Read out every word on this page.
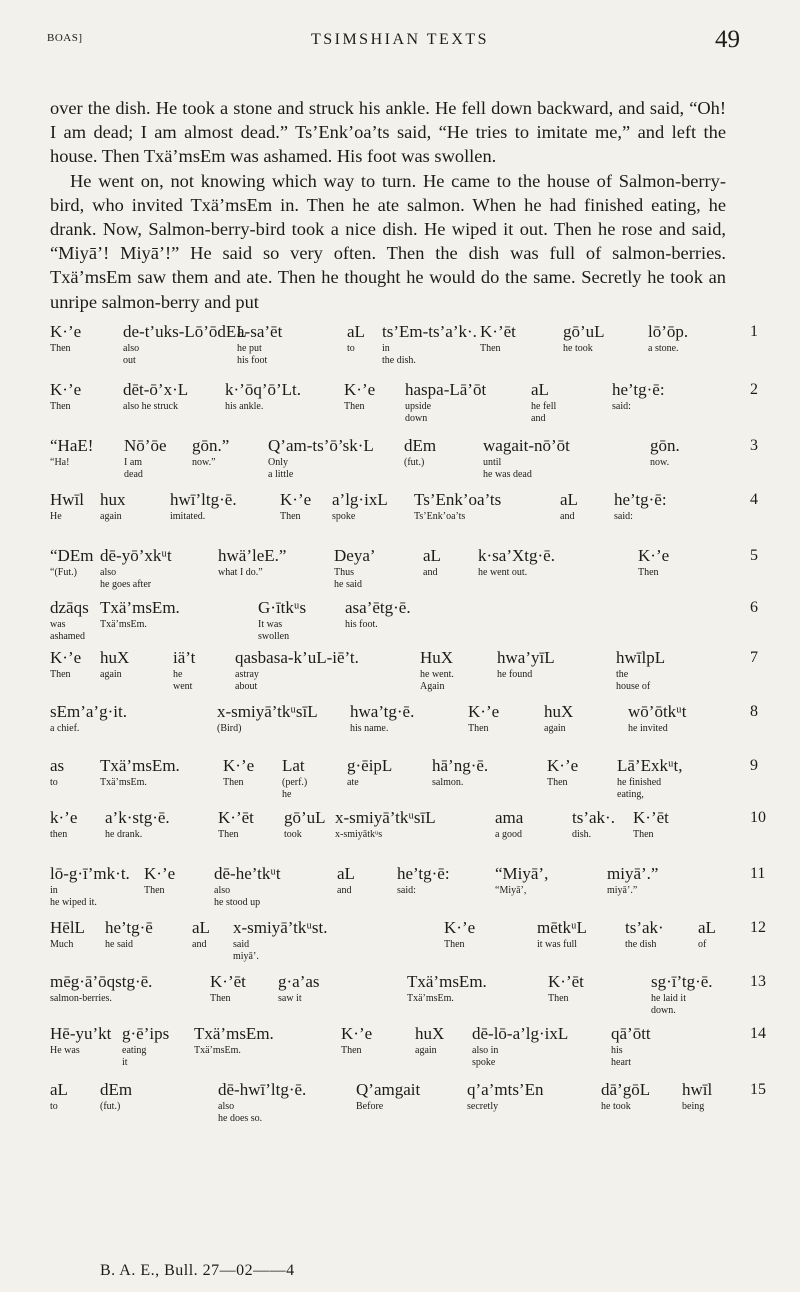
BOAS]	TSIMSHIAN TEXTS	49

over the dish. He took a stone and struck his ankle. He fell down backward, and said, “Oh! I am dead; I am almost dead.” Ts’Enk’oa’ts said, “He tries to imitate me,” and left the house. Then Txä’msEm was ashamed. His foot was swollen.

He went on, not knowing which way to turn. He came to the house of Salmon-berry-bird, who invited Txä’msEm in. Then he ate salmon. When he had finished eating, he drank. Now, Salmon-berry-bird took a nice dish. He wiped it out. Then he rose and said, “Miyā’! Miyā’!” He said so very often. Then the dish was full of salmon-berries. Txä’msEm saw them and ate. Then he thought he would do the same. Secretly he took an unripe salmon-berry and put

K·’e
Then
de-t’uks-Lō’ōdEL
also
out
a-sa’ēt
he put
his foot
aL
to
ts’Em-ts’a’k·.
in
the dish.
K·’ēt
Then
gō’uL
he took
lō’ōp.
a stone.
1
K·’e
Then
dēt-ō’x·L
also he struck
k·’ōq’ō’Lt.
his ankle.
K·’e
Then
haspa-Lā’ōt
upside
down
aL
he fell
and
he’tg·ē:
said:
2
“HaE!
“Ha!
Nō’ōe
I am
dead
gōn.”
now.”
Q’am-ts’ō’sk·L
Only
a little
dEm
(fut.)
wagait-nō’ōt
until
he was dead
gōn.
now.
3
Hwīl
He
hux
again
hwī’ltg·ē.
imitated.
K·’e
Then
a’lg·ixL
spoke
Ts’Enk’oa’ts
Ts’Enk’oa’ts
aL
and
he’tg·ē:
said:
4
“DEm
“(Fut.)
dē-yō’xkᵘt
also
he goes after
hwä’leE.”
what I do.”
Deya’
Thus
he said
aL
and
k·sa’Xtg·ē.
he went out.
K·’e
Then
5
dzāqs
was
ashamed
Txä’msEm.
Txä’msEm.
G·ītkᵘs
It was
swollen
asa’ētg·ē.
his foot.
6
K·’e
Then
huX
again
iä’t
he
went
qasbasa-k’uL-iē’t.
astray
about
HuX
he went.
Again
hwa’yīL
he found
hwīlpL
the
house of
7
sEm’a’g·it.
a chief.
x-smiyā’tkᵘsīL
(Bird)
hwa’tg·ē.
his name.
K·’e
Then
huX
again
wō’ōtkᵘt
he invited
8
as
to
Txä’msEm.
Txä’msEm.
K·’e
Then
Lat
(perf.)
he
g·ēipL
ate
hā’ng·ē.
salmon.
K·’e
Then
Lā’Exkᵘt,
he finished
eating,
9
k·’e
then
a’k·stg·ē.
he drank.
K·’ēt
Then
gō’uL
took
x-smiyā’tkᵘsīL
x-smiyātkᵘs
ama
a good
ts’ak·.
dish.
K·’ēt
Then
10
lō-g·ī’mk·t.
in
he wiped it.
K·’e
Then
dē-he’tkᵘt
also
he stood up
aL
and
he’tg·ē:
said:
“Miyā’,
“Miyā’,
miyā’.”
miyā’.”
11
HēlL
Much
he’tg·ē
he said
aL
and
x-smiyā’tkᵘst.
said
miyā’.
K·’e
Then
mētkᵘL
it was full
ts’ak·
the dish
aL
of
12
mēg·ā’ōqstg·ē.
salmon-berries.
K·’ēt
Then
g·a’as
saw it
Txä’msEm.
Txä’msEm.
K·’ēt
Then
sg·ī’tg·ē.
he laid it
down.
13
Hē-yu’kt
He was
g·ē’ips
eating
it
Txä’msEm.
Txä’msEm.
K·’e
Then
huX
again
dē-lō-a’lg·ixL
also in
spoke
qā’ōtt
his
heart
14
aL
to
dEm
(fut.)
dē-hwī’ltg·ē.
also
he does so.
Q’amgait
Before
q’a’mts’En
secretly
dā’gōL
he took
hwīl
being
15
B. A. E., Bull. 27—02——4
